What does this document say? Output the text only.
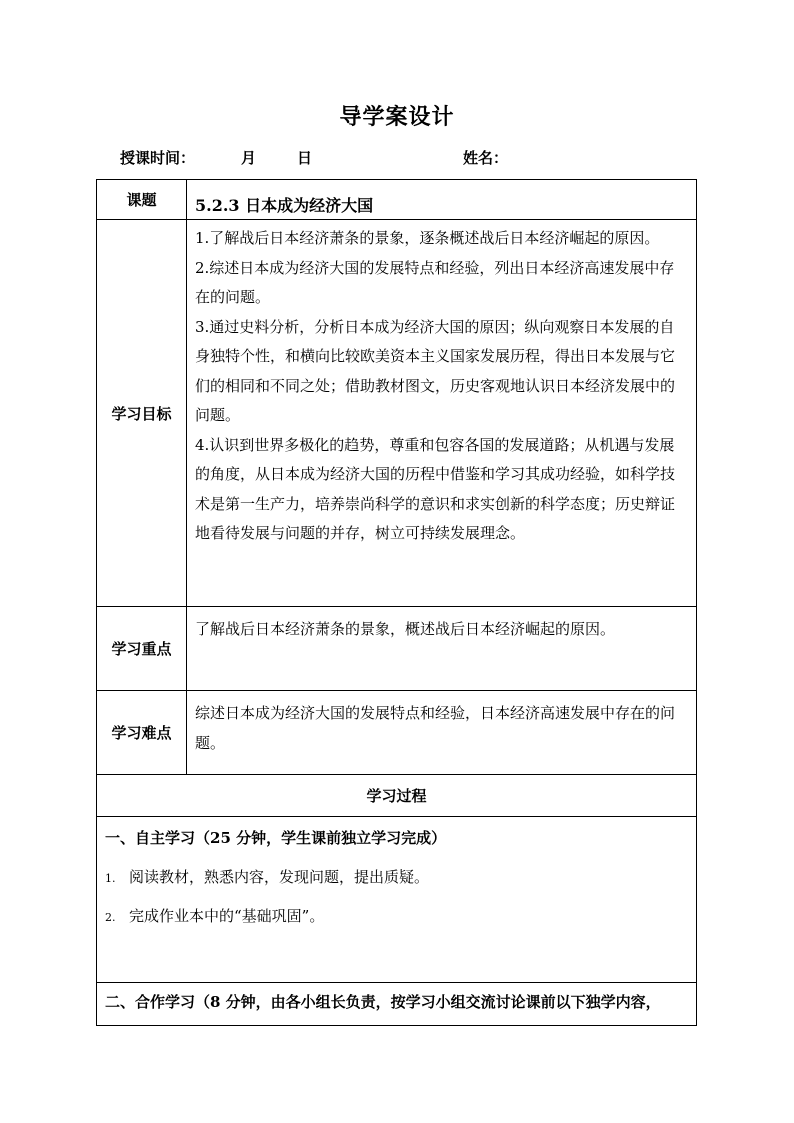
导学案设计
授课时间：	月	日	姓名：
课题	5.2.3 日本成为经济大国
学习目标	1.了解战后日本经济萧条的景象，逐条概述战后日本经济崛起的原因。

2.综述日本成为经济大国的发展特点和经验，列出日本经济高速发展中存在的问题。

3.通过史料分析，分析日本成为经济大国的原因；纵向观察日本发展的自身独特个性，和横向比较欧美资本主义国家发展历程，得出日本发展与它们的相同和不同之处；借助教材图文，历史客观地认识日本经济发展中的问题。

4.认识到世界多极化的趋势，尊重和包容各国的发展道路；从机遇与发展的角度，从日本成为经济大国的历程中借鉴和学习其成功经验，如科学技术是第一生产力，培养崇尚科学的意识和求实创新的科学态度；历史辩证地看待发展与问题的并存，树立可持续发展理念。

学习重点	了解战后日本经济萧条的景象，概述战后日本经济崛起的原因。
学习难点	综述日本成为经济大国的发展特点和经验，日本经济高速发展中存在的问题。
学习过程	

一、自主学习（25 分钟，学生课前独立学习完成）
1. 阅读教材，熟悉内容，发现问题，提出质疑。
2. 完成作业本中的“基础巩固”。	

二、合作学习（8 分钟，由各小组长负责，按学习小组交流讨论课前以下独学内容，	
